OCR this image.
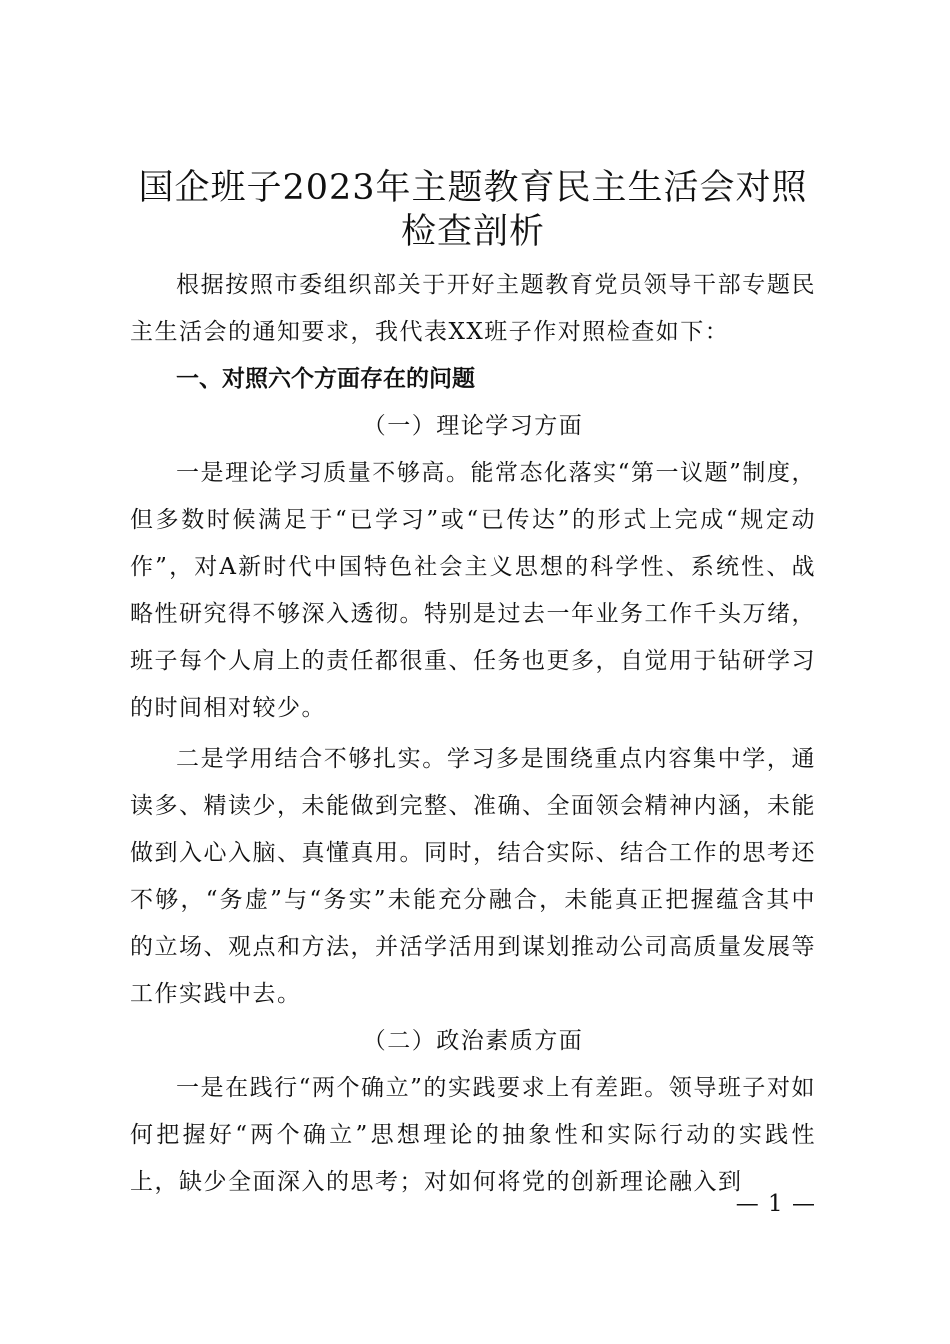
国企班子2023年主题教育民主生活会对照检查剖析

根据按照市委组织部关于开好主题教育党员领导干部专题民主生活会的通知要求，我代表XX班子作对照检查如下：

一、对照六个方面存在的问题

（一）理论学习方面

一是理论学习质量不够高。能常态化落实“第一议题”制度，但多数时候满足于“已学习”或“已传达”的形式上完成“规定动作”，对A新时代中国特色社会主义思想的科学性、系统性、战略性研究得不够深入透彻。特别是过去一年业务工作千头万绪，班子每个人肩上的责任都很重、任务也更多，自觉用于钻研学习的时间相对较少。

二是学用结合不够扎实。学习多是围绕重点内容集中学，通读多、精读少，未能做到完整、准确、全面领会精神内涵，未能做到入心入脑、真懂真用。同时，结合实际、结合工作的思考还不够，“务虚”与“务实”未能充分融合，未能真正把握蕴含其中的立场、观点和方法，并活学活用到谋划推动公司高质量发展等工作实践中去。

（二）政治素质方面

一是在践行“两个确立”的实践要求上有差距。领导班子对如何把握好“两个确立”思想理论的抽象性和实际行动的实践性上，缺少全面深入的思考；对如何将党的创新理论融入到

— 1 —
